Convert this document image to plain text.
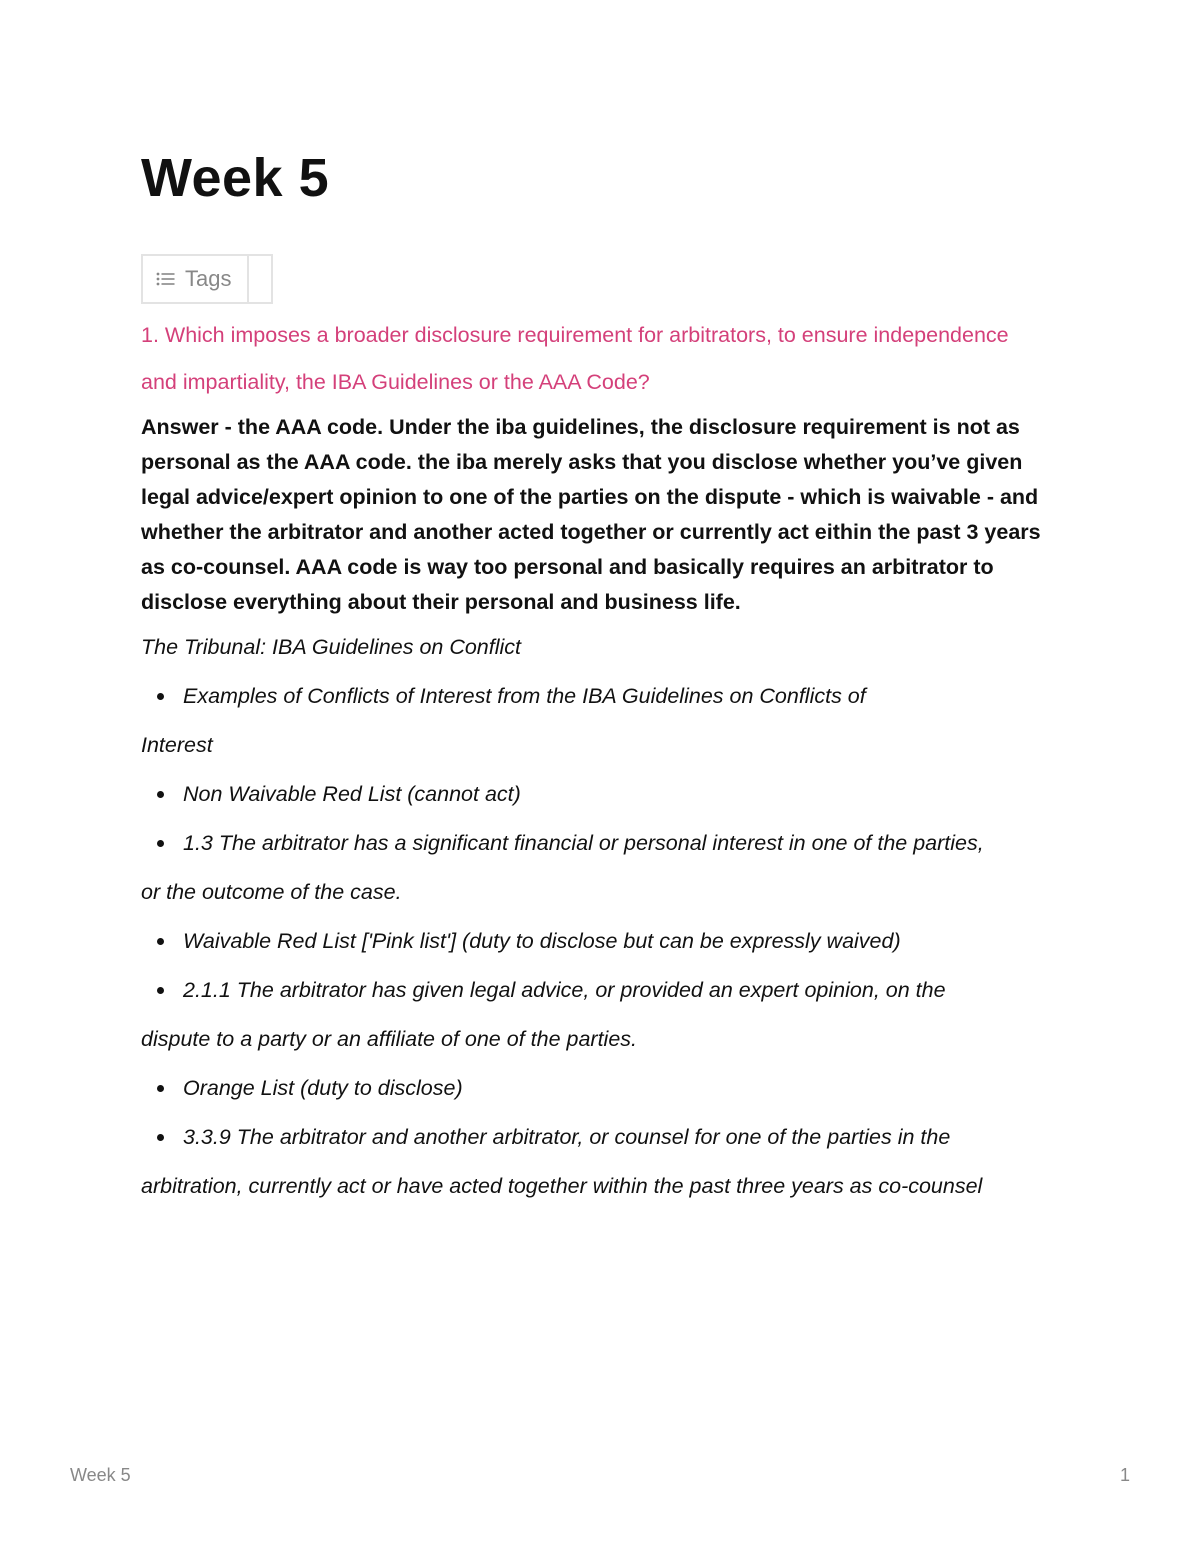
Week 5
Tags

1. Which imposes a broader disclosure requirement for arbitrators, to ensure independence

and impartiality, the IBA Guidelines or the AAA Code?

Answer - the AAA code. Under the iba guidelines, the disclosure requirement is not as personal as the AAA code. the iba merely asks that you disclose whether you’ve given legal advice/expert opinion to one of the parties on the dispute - which is waivable - and whether the arbitrator and another acted together or currently act eithin the past 3 years as co-counsel. AAA code is way too personal and basically requires an arbitrator to disclose everything about their personal and business life.

The Tribunal: IBA Guidelines on Conflict

Examples of Conflicts of Interest from the IBA Guidelines on Conflicts of

Interest

Non Waivable Red List (cannot act)

1.3 The arbitrator has a significant financial or personal interest in one of the parties,

or the outcome of the case.

Waivable Red List ['Pink list'] (duty to disclose but can be expressly waived)

2.1.1 The arbitrator has given legal advice, or provided an expert opinion, on the

dispute to a party or an affiliate of one of the parties.

Orange List (duty to disclose)

3.3.9 The arbitrator and another arbitrator, or counsel for one of the parties in the

arbitration, currently act or have acted together within the past three years as co-counsel

Week 5	1
